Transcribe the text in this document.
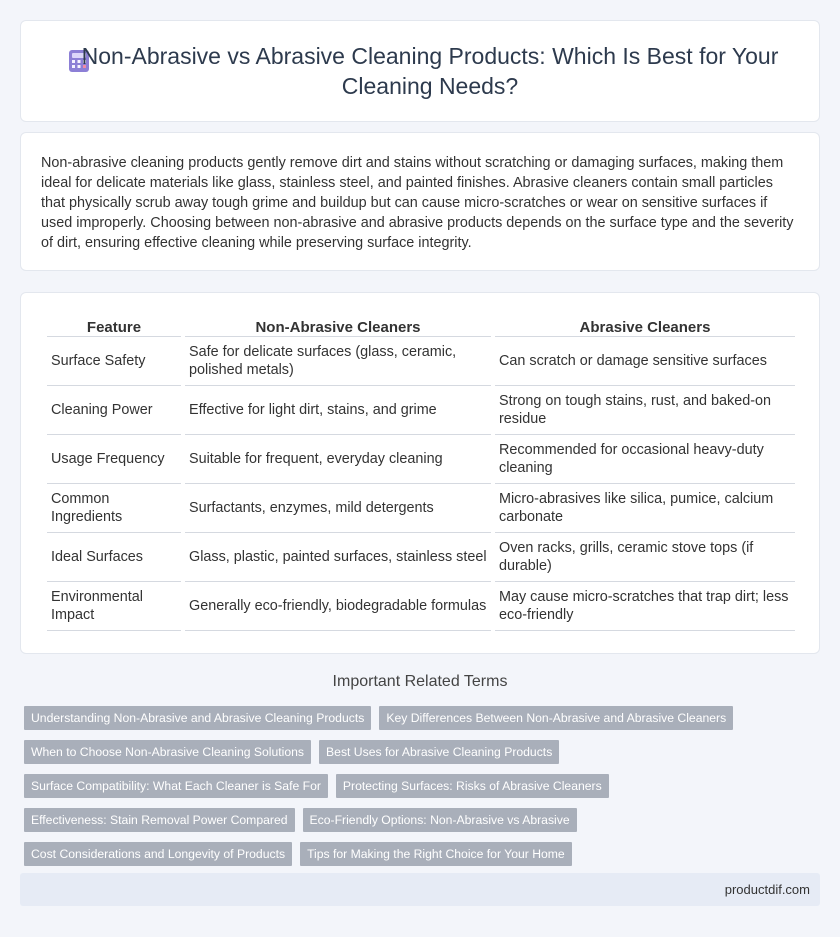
Non-Abrasive vs Abrasive Cleaning Products: Which Is Best for Your Cleaning Needs?

Non-abrasive cleaning products gently remove dirt and stains without scratching or damaging surfaces, making them ideal for delicate materials like glass, stainless steel, and painted finishes. Abrasive cleaners contain small particles that physically scrub away tough grime and buildup but can cause micro-scratches or wear on sensitive surfaces if used improperly. Choosing between non-abrasive and abrasive products depends on the surface type and the severity of dirt, ensuring effective cleaning while preserving surface integrity.

Feature	Non-Abrasive Cleaners	Abrasive Cleaners
Surface Safety	Safe for delicate surfaces (glass, ceramic, polished metals)	Can scratch or damage sensitive surfaces
Cleaning Power	Effective for light dirt, stains, and grime	Strong on tough stains, rust, and baked-on residue
Usage Frequency	Suitable for frequent, everyday cleaning	Recommended for occasional heavy-duty cleaning
Common Ingredients	Surfactants, enzymes, mild detergents	Micro-abrasives like silica, pumice, calcium carbonate
Ideal Surfaces	Glass, plastic, painted surfaces, stainless steel	Oven racks, grills, ceramic stove tops (if durable)
Environmental Impact	Generally eco-friendly, biodegradable formulas	May cause micro-scratches that trap dirt; less eco-friendly
Important Related Terms
Understanding Non-Abrasive and Abrasive Cleaning Products	Key Differences Between Non-Abrasive and Abrasive Cleaners
When to Choose Non-Abrasive Cleaning Solutions	Best Uses for Abrasive Cleaning Products
Surface Compatibility: What Each Cleaner is Safe For	Protecting Surfaces: Risks of Abrasive Cleaners
Effectiveness: Stain Removal Power Compared	Eco-Friendly Options: Non-Abrasive vs Abrasive
Cost Considerations and Longevity of Products	Tips for Making the Right Choice for Your Home
productdif.com
